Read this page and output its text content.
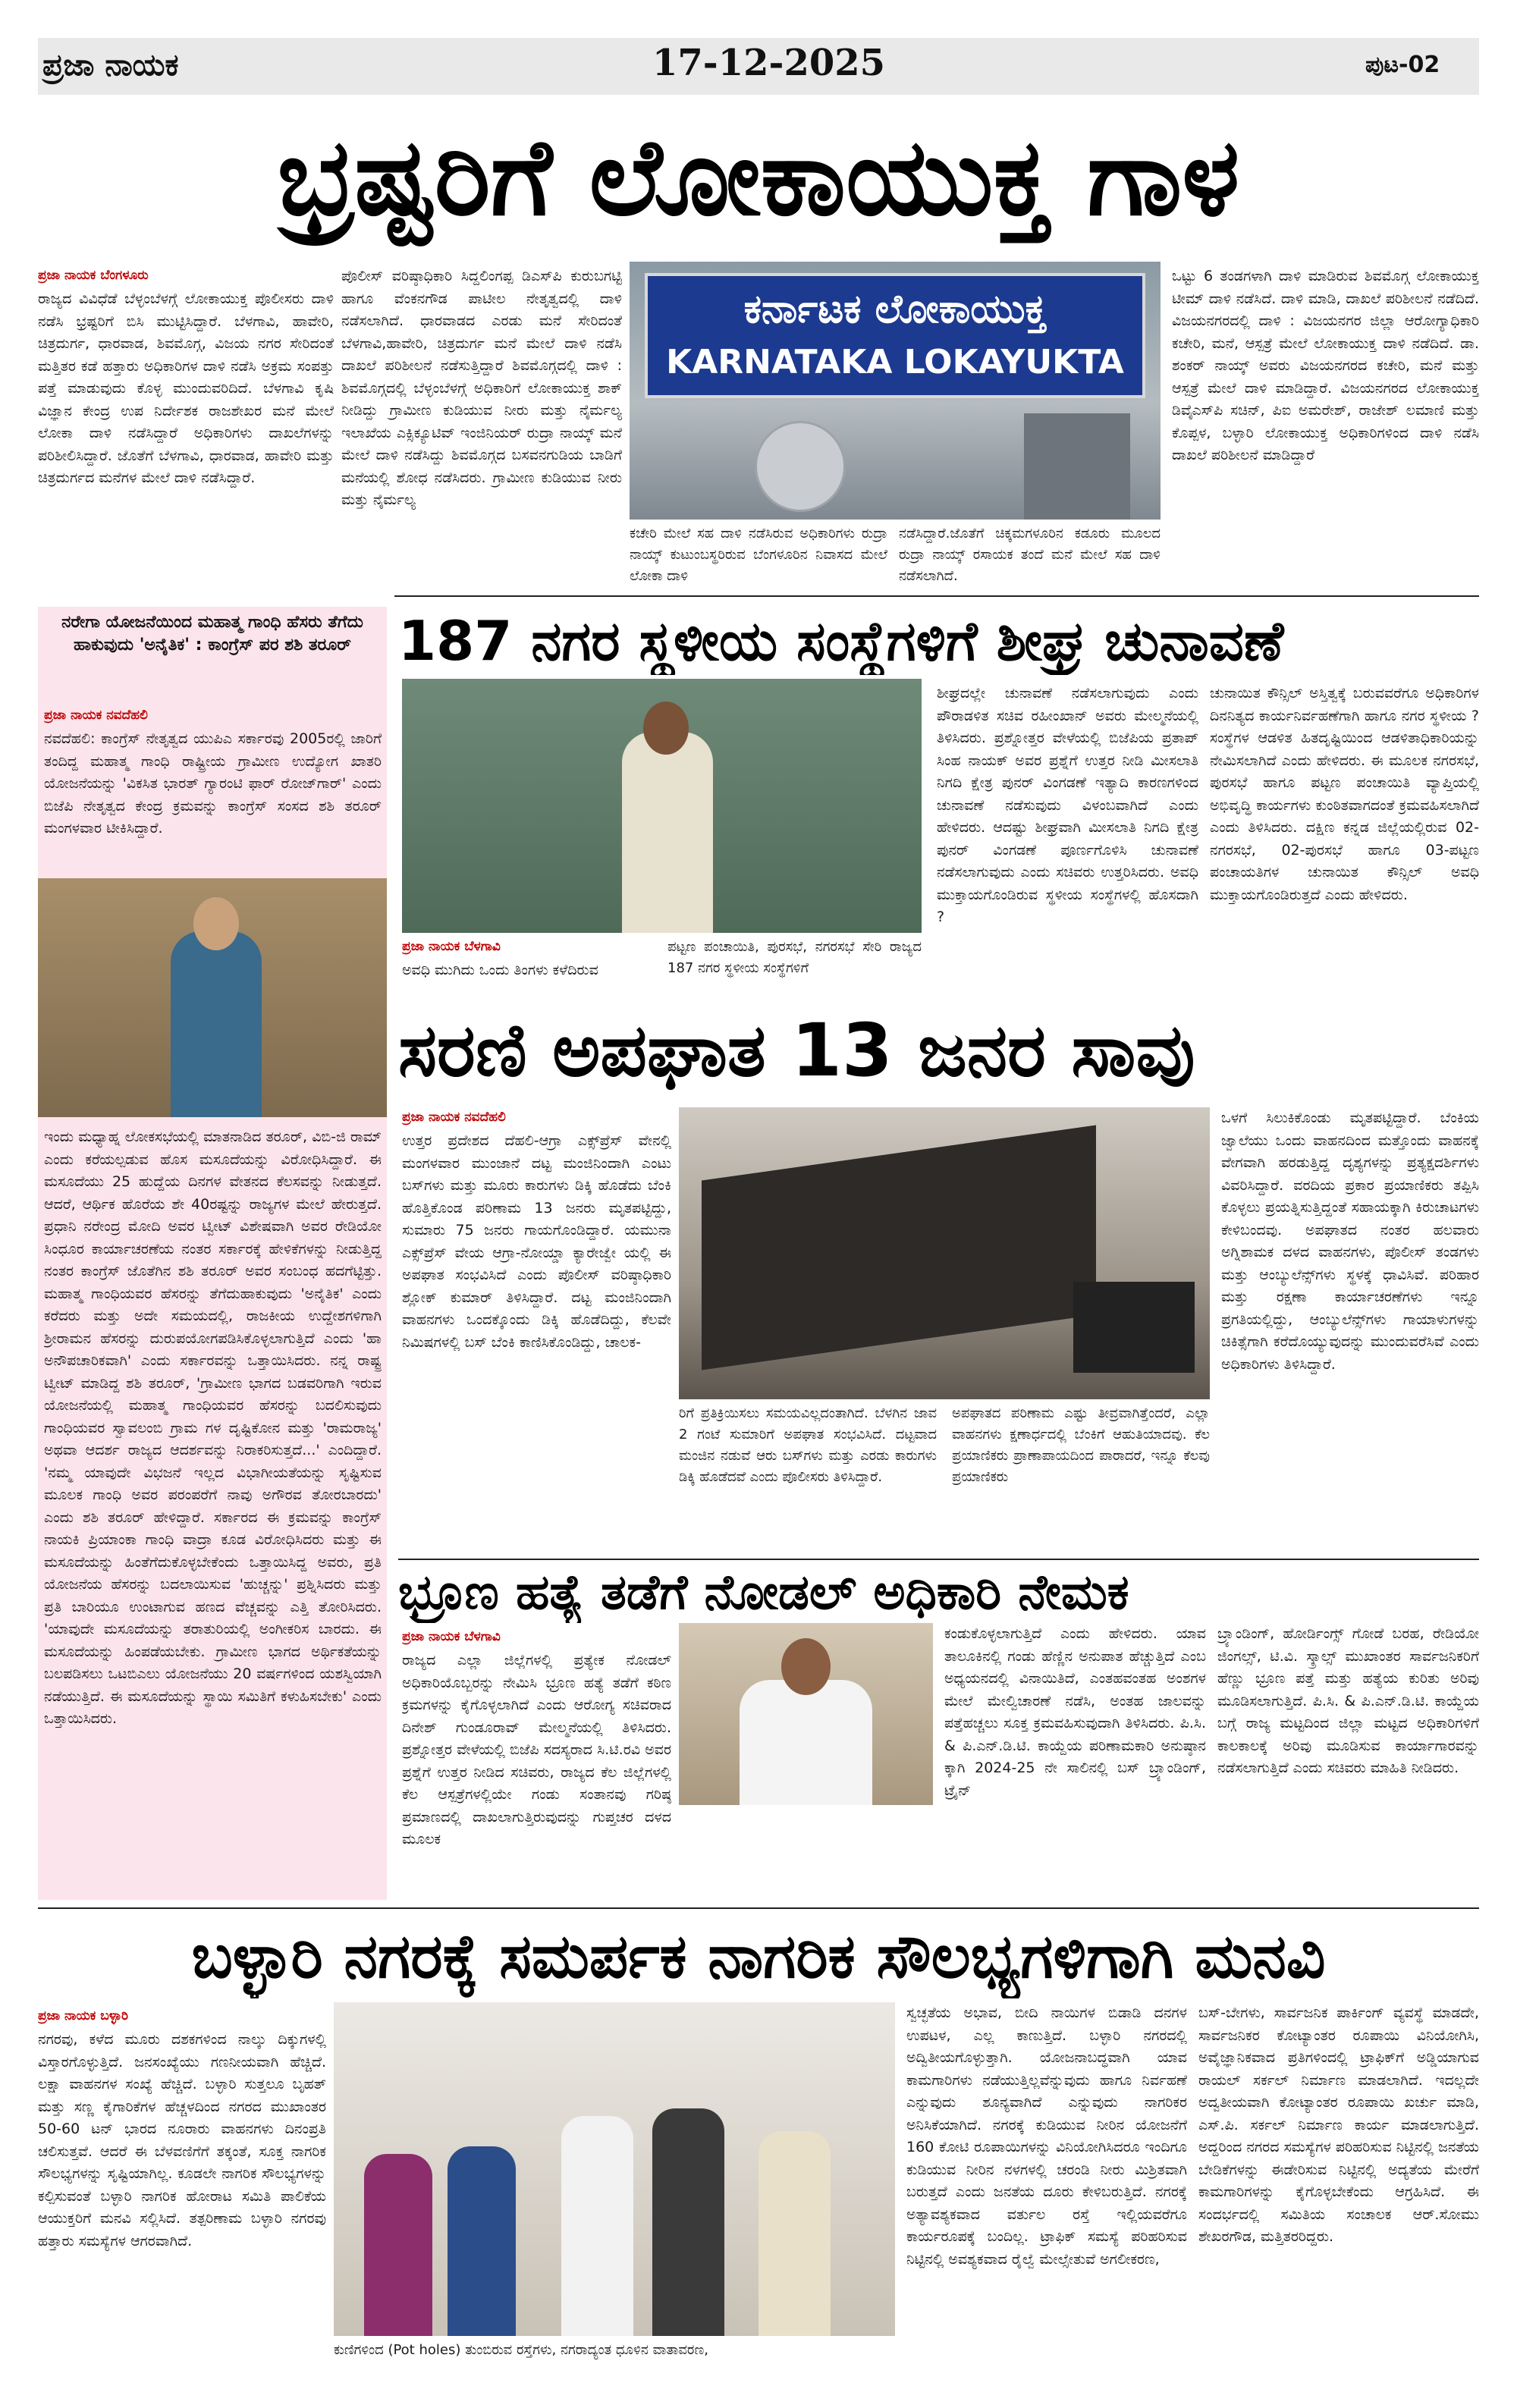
ಪ್ರಜಾ ನಾಯಕ	17-12-2025	ಪುಟ-02
ಭ್ರಷ್ಟರಿಗೆ ಲೋಕಾಯುಕ್ತ ಗಾಳ
ಪ್ರಜಾ ನಾಯಕ ಬೆಂಗಳೂರು
ರಾಜ್ಯದ ವಿವಿಧೆಡೆ ಬೆಳ್ಳಂಬೆಳಗ್ಗೆ ಲೋಕಾಯುಕ್ತ ಪೊಲೀಸರು ದಾಳಿ ನಡೆಸಿ ಭ್ರಷ್ಟರಿಗೆ ಬಿಸಿ ಮುಟ್ಟಿಸಿದ್ದಾರೆ. ಬೆಳಗಾವಿ, ಹಾವೇರಿ, ಚಿತ್ರದುರ್ಗ, ಧಾರವಾಡ, ಶಿವಮೊಗ್ಗ, ವಿಜಯ ನಗರ ಸೇರಿದಂತೆ ಮತ್ತಿತರ ಕಡೆ ಹತ್ತಾರು ಅಧಿಕಾರಿಗಳ ದಾಳಿ ನಡೆಸಿ ಅಕ್ರಮ ಸಂಪತ್ತು ಪತ್ತೆ ಮಾಡುವುದು ಕೊಳ್ಳ ಮುಂದುವರಿದಿದೆ. ಬೆಳಗಾವಿ ಕೃಷಿ ವಿಜ್ಞಾನ ಕೇಂದ್ರ ಉಪ ನಿರ್ದೇಶಕ ರಾಜಶೇಖರ ಮನೆ ಮೇಲೆ ಲೋಕಾ ದಾಳಿ ನಡೆಸಿದ್ದಾರೆ ಅಧಿಕಾರಿಗಳು ದಾಖಲೆಗಳನ್ನು ಪರಿಶೀಲಿಸಿದ್ದಾರೆ. ಜೊತೆಗೆ ಬೆಳಗಾವಿ, ಧಾರವಾಡ, ಹಾವೇರಿ ಮತ್ತು ಚಿತ್ರದುರ್ಗದ ಮನೆಗಳ ಮೇಲೆ ದಾಳಿ ನಡೆಸಿದ್ದಾರೆ.
ಪೊಲೀಸ್ ವರಿಷ್ಠಾಧಿಕಾರಿ ಸಿದ್ದಲಿಂಗಪ್ಪ ಡಿಎಸ್‌ಪಿ ಕುರುಬಗಟ್ಟಿ ಹಾಗೂ ವೆಂಕನಗೌಡ ಪಾಟೀಲ ನೇತೃತ್ವದಲ್ಲಿ ದಾಳಿ ನಡೆಸಲಾಗಿದೆ. ಧಾರವಾಡದ ಎರಡು ಮನೆ ಸೇರಿದಂತೆ ಬೆಳಗಾವಿ,ಹಾವೇರಿ, ಚಿತ್ರದುರ್ಗ ಮನೆ ಮೇಲೆ ದಾಳಿ ನಡೆಸಿ ದಾಖಲೆ ಪರಿಶೀಲನೆ ನಡೆಸುತ್ತಿದ್ದಾರೆ ಶಿವಮೊಗ್ಗದಲ್ಲಿ ದಾಳಿ : ಶಿವಮೊಗ್ಗದಲ್ಲಿ ಬೆಳ್ಳಂಬೆಳಗ್ಗೆ ಅಧಿಕಾರಿಗೆ ಲೋಕಾಯುಕ್ತ ಶಾಕ್ ನೀಡಿದ್ದು ಗ್ರಾಮೀಣ ಕುಡಿಯುವ ನೀರು ಮತ್ತು ನೈರ್ಮಲ್ಯ ಇಲಾಖೆಯ ಎಕ್ಸಿಕ್ಯೂಟಿವ್ ಇಂಜಿನಿಯರ್ ರುದ್ರಾ ನಾಯ್ಕ್ ಮನೆ ಮೇಲೆ ದಾಳಿ ನಡೆಸಿದ್ದು ಶಿವಮೊಗ್ಗದ ಬಸವನಗುಡಿಯ ಬಾಡಿಗೆ ಮನೆಯಲ್ಲಿ ಶೋಧ ನಡೆಸಿದರು. ಗ್ರಾಮೀಣ ಕುಡಿಯುವ ನೀರು ಮತ್ತು ನೈರ್ಮಲ್ಯ
ಕರ್ನಾಟಕ ಲೋಕಾಯುಕ್ತ
KARNATAKA LOKAYUKTA
ಕಚೇರಿ ಮೇಲೆ ಸಹ ದಾಳಿ ನಡೆಸಿರುವ ಅಧಿಕಾರಿಗಳು ರುದ್ರಾ ನಾಯ್ಕ್ ಕುಟುಂಬಸ್ಥರಿರುವ ಬೆಂಗಳೂರಿನ ನಿವಾಸದ ಮೇಲೆ ಲೋಕಾ ದಾಳಿ
ನಡೆಸಿದ್ದಾರೆ.ಜೊತೆಗೆ ಚಿಕ್ಕಮಗಳೂರಿನ ಕಡೂರು ಮೂಲದ ರುದ್ರಾ ನಾಯ್ಕ್ ರಸಾಯಕ ತಂದೆ ಮನೆ ಮೇಲೆ ಸಹ ದಾಳಿ ನಡೆಸಲಾಗಿದೆ.
ಒಟ್ಟು 6 ತಂಡಗಳಾಗಿ ದಾಳಿ ಮಾಡಿರುವ ಶಿವಮೊಗ್ಗ ಲೋಕಾಯುಕ್ತ ಟೀಮ್ ದಾಳಿ ನಡೆಸಿದೆ. ದಾಳಿ ಮಾಡಿ, ದಾಖಲೆ ಪರಿಶೀಲನೆ ನಡೆದಿದೆ. ವಿಜಯನಗರದಲ್ಲಿ ದಾಳಿ : ವಿಜಯನಗರ ಜಿಲ್ಲಾ ಆರೋಗ್ಯಾಧಿಕಾರಿ ಕಚೇರಿ, ಮನೆ, ಆಸ್ಪತ್ರೆ ಮೇಲೆ ಲೋಕಾಯುಕ್ತ ದಾಳಿ ನಡೆದಿದೆ. ಡಾ. ಶಂಕರ್ ನಾಯ್ಕ್ ಅವರು ವಿಜಯನಗರದ ಕಚೇರಿ, ಮನೆ ಮತ್ತು ಆಸ್ಪತ್ರೆ ಮೇಲೆ ದಾಳಿ ಮಾಡಿದ್ದಾರೆ. ವಿಜಯನಗರದ ಲೋಕಾಯುಕ್ತ ಡಿವೈಎಸ್‌ಪಿ ಸಚಿನ್, ಪಿಐ ಅಮರೇಶ್, ರಾಜೇಶ್ ಲಮಾಣಿ ಮತ್ತು ಕೊಪ್ಪಳ, ಬಳ್ಳಾರಿ ಲೋಕಾಯುಕ್ತ ಅಧಿಕಾರಿಗಳಿಂದ ದಾಳಿ ನಡೆಸಿ ದಾಖಲೆ ಪರಿಶೀಲನೆ ಮಾಡಿದ್ದಾರೆ
ನರೇಗಾ ಯೋಜನೆಯಿಂದ ಮಹಾತ್ಮ ಗಾಂಧಿ ಹೆಸರು ತೆಗೆದು ಹಾಕುವುದು 'ಅನೈತಿಕ' : ಕಾಂಗ್ರೆಸ್ ಪರ ಶಶಿ ತರೂರ್
ಪ್ರಜಾ ನಾಯಕ ನವದೆಹಲಿ
ನವದೆಹಲಿ: ಕಾಂಗ್ರೆಸ್ ನೇತೃತ್ವದ ಯುಪಿಎ ಸರ್ಕಾರವು 2005ರಲ್ಲಿ ಜಾರಿಗೆ ತಂದಿದ್ದ ಮಹಾತ್ಮ ಗಾಂಧಿ ರಾಷ್ಟ್ರೀಯ ಗ್ರಾಮೀಣ ಉದ್ಯೋಗ ಖಾತರಿ ಯೋಜನೆಯನ್ನು 'ವಿಕಸಿತ ಭಾರತ್ ಗ್ಯಾರಂಟಿ ಫಾರ್ ರೋಜ್‌ಗಾರ್' ಎಂದು ಬಿಜೆಪಿ ನೇತೃತ್ವದ ಕೇಂದ್ರ ಕ್ರಮವನ್ನು ಕಾಂಗ್ರೆಸ್ ಸಂಸದ ಶಶಿ ತರೂರ್ ಮಂಗಳವಾರ ಟೀಕಿಸಿದ್ದಾರೆ.
ಇಂದು ಮಧ್ಯಾಹ್ನ ಲೋಕಸಭೆಯಲ್ಲಿ ಮಾತನಾಡಿದ ತರೂರ್, ವಿಬಿ-ಜಿ ರಾಮ್ ಎಂದು ಕರೆಯಲ್ಪಡುವ ಹೊಸ ಮಸೂದೆಯನ್ನು ವಿರೋಧಿಸಿದ್ದಾರೆ. ಈ ಮಸೂದೆಯು 25 ಹುದ್ದೆಯ ದಿನಗಳ ವೇತನದ ಕೆಲಸವನ್ನು ನೀಡುತ್ತದೆ. ಆದರೆ, ಆರ್ಥಿಕ ಹೊರೆಯ ಶೇ 40ರಷ್ಟನ್ನು ರಾಜ್ಯಗಳ ಮೇಲೆ ಹೇರುತ್ತದೆ. ಪ್ರಧಾನಿ ನರೇಂದ್ರ ಮೋದಿ ಅವರ ಟ್ವೀಟ್ ವಿಶೇಷವಾಗಿ ಅವರ ರೇಡಿಯೋ ಸಿಂಧೂರ ಕಾರ್ಯಾಚರಣೆಯ ನಂತರ ಸರ್ಕಾರಕ್ಕೆ ಹೇಳಿಕೆಗಳನ್ನು ನೀಡುತ್ತಿದ್ದ ನಂತರ ಕಾಂಗ್ರೆಸ್ ಜೊತೆಗಿನ ಶಶಿ ತರೂರ್ ಅವರ ಸಂಬಂಧ ಹದಗೆಟ್ಟಿತ್ತು. ಮಹಾತ್ಮ ಗಾಂಧಿಯವರ ಹೆಸರನ್ನು ತೆಗೆದುಹಾಕುವುದು 'ಅನೈತಿಕ' ಎಂದು ಕರೆದರು ಮತ್ತು ಅದೇ ಸಮಯದಲ್ಲಿ, ರಾಜಕೀಯ ಉದ್ದೇಶಗಳಿಗಾಗಿ ಶ್ರೀರಾಮನ ಹೆಸರನ್ನು ದುರುಪಯೋಗಪಡಿಸಿಕೊಳ್ಳಲಾಗುತ್ತಿದೆ ಎಂದು 'ಹಾ ಅನೌಪಚಾರಿಕವಾಗಿ' ಎಂದು ಸರ್ಕಾರವನ್ನು ಒತ್ತಾಯಿಸಿದರು. ನನ್ನ ರಾಷ್ಟ್ರ ಟ್ವೀಟ್ ಮಾಡಿದ್ದ ಶಶಿ ತರೂರ್, 'ಗ್ರಾಮೀಣ ಭಾಗದ ಬಡವರಿಗಾಗಿ ಇರುವ ಯೋಜನೆಯಲ್ಲಿ ಮಹಾತ್ಮ ಗಾಂಧಿಯವರ ಹೆಸರನ್ನು ಬದಲಿಸುವುದು ಗಾಂಧಿಯವರ ಸ್ವಾವಲಂಬಿ ಗ್ರಾಮ ಗಳ ದೃಷ್ಟಿಕೋನ ಮತ್ತು 'ರಾಮರಾಜ್ಯ' ಅಥವಾ ಆದರ್ಶ ರಾಜ್ಯದ ಆದರ್ಶವನ್ನು ನಿರಾಕರಿಸುತ್ತದೆ...' ಎಂದಿದ್ದಾರೆ. 'ನಮ್ಮ ಯಾವುದೇ ವಿಭಜನೆ ಇಲ್ಲದ ವಿಭಾಗೀಯತೆಯನ್ನು ಸೃಷ್ಟಿಸುವ ಮೂಲಕ ಗಾಂಧಿ ಅವರ ಪರಂಪರೆಗೆ ನಾವು ಅಗೌರವ ತೋರಬಾರದು' ಎಂದು ಶಶಿ ತರೂರ್ ಹೇಳಿದ್ದಾರೆ. ಸರ್ಕಾರದ ಈ ಕ್ರಮವನ್ನು ಕಾಂಗ್ರೆಸ್ ನಾಯಕಿ ಪ್ರಿಯಾಂಕಾ ಗಾಂಧಿ ವಾದ್ರಾ ಕೂಡ ವಿರೋಧಿಸಿದರು ಮತ್ತು ಈ ಮಸೂದೆಯನ್ನು ಹಿಂತೆಗೆದುಕೊಳ್ಳಬೇಕೆಂದು ಒತ್ತಾಯಿಸಿದ್ದ ಅವರು, ಪ್ರತಿ ಯೋಜನೆಯ ಹೆಸರನ್ನು ಬದಲಾಯಿಸುವ 'ಹುಚ್ಚನ್ನು' ಪ್ರಶ್ನಿಸಿದರು ಮತ್ತು ಪ್ರತಿ ಬಾರಿಯೂ ಉಂಟಾಗುವ ಹಣದ ವೆಚ್ಚವನ್ನು ಎತ್ತಿ ತೋರಿಸಿದರು. 'ಯಾವುದೇ ಮಸೂದೆಯನ್ನು ತರಾತುರಿಯಲ್ಲಿ ಅಂಗೀಕರಿಸ ಬಾರದು. ಈ ಮಸೂದೆಯನ್ನು ಹಿಂಪಡೆಯಬೇಕು. ಗ್ರಾಮೀಣ ಭಾಗದ ಅರ್ಥಿಕತೆಯನ್ನು ಬಲಪಡಿಸಲು ಒಟಬಿಎಲು ಯೋಜನೆಯು 20 ವರ್ಷಗಳಿಂದ ಯಶಸ್ವಿಯಾಗಿ ನಡೆಯುತ್ತಿದೆ. ಈ ಮಸೂದೆಯನ್ನು ಸ್ಥಾಯಿ ಸಮಿತಿಗೆ ಕಳುಹಿಸಬೇಕು' ಎಂದು ಒತ್ತಾಯಿಸಿದರು.
187 ನಗರ ಸ್ಥಳೀಯ ಸಂಸ್ಥೆಗಳಿಗೆ ಶೀಘ್ರ ಚುನಾವಣೆ
ಪ್ರಜಾ ನಾಯಕ ಬೆಳಗಾವಿ
ಅವಧಿ ಮುಗಿದು ಒಂದು ತಿಂಗಳು ಕಳೆದಿರುವ
ಪಟ್ಟಣ ಪಂಚಾಯಿತಿ, ಪುರಸಭೆ, ನಗರಸಭೆ ಸೇರಿ ರಾಜ್ಯದ 187 ನಗರ ಸ್ಥಳೀಯ ಸಂಸ್ಥೆಗಳಿಗೆ
ಶೀಘ್ರದಲ್ಲೇ ಚುನಾವಣೆ ನಡೆಸಲಾಗುವುದು ಎಂದು ಪೌರಾಡಳಿತ ಸಚಿವ ರಹೀಂಖಾನ್ ಅವರು ಮೇಲ್ಮನೆಯಲ್ಲಿ ತಿಳಿಸಿದರು. ಪ್ರಶ್ನೋತ್ತರ ವೇಳೆಯಲ್ಲಿ ಬಿಜೆಪಿಯ ಪ್ರತಾಪ್ ಸಿಂಹ ನಾಯಕ್ ಅವರ ಪ್ರಶ್ನೆಗೆ ಉತ್ತರ ನೀಡಿ ಮೀಸಲಾತಿ ನಿಗದಿ ಕ್ಷೇತ್ರ ಪುನರ್ ವಿಂಗಡಣೆ ಇತ್ಯಾದಿ ಕಾರಣಗಳಿಂದ ಚುನಾವಣೆ ನಡೆಸುವುದು ವಿಳಂಬವಾಗಿದೆ ಎಂದು ಹೇಳಿದರು. ಆದಷ್ಟು ಶೀಘ್ರವಾಗಿ ಮೀಸಲಾತಿ ನಿಗದಿ ಕ್ಷೇತ್ರ ಪುನರ್ ವಿಂಗಡಣೆ ಪೂರ್ಣಗೊಳಿಸಿ ಚುನಾವಣೆ ನಡೆಸಲಾಗುವುದು ಎಂದು ಸಚಿವರು ಉತ್ತರಿಸಿದರು. ಅವಧಿ ಮುಕ್ತಾಯಗೊಂಡಿರುವ ಸ್ಥಳೀಯ ಸಂಸ್ಥೆಗಳಲ್ಲಿ ಹೊಸದಾಗಿ ?
ಚುನಾಯಿತ ಕೌನ್ಸಿಲ್ ಅಸ್ತಿತ್ವಕ್ಕೆ ಬರುವವರೆಗೂ ಅಧಿಕಾರಿಗಳ ದಿನನಿತ್ಯದ ಕಾರ್ಯನಿರ್ವಹಣೆಗಾಗಿ ಹಾಗೂ ನಗರ ಸ್ಥಳೀಯ ? ಸಂಸ್ಥೆಗಳ ಆಡಳಿತ ಹಿತದೃಷ್ಟಿಯಿಂದ ಆಡಳಿತಾಧಿಕಾರಿಯನ್ನು ನೇಮಿಸಲಾಗಿದೆ ಎಂದು ಹೇಳಿದರು. ಈ ಮೂಲಕ ನಗರಸಭೆ, ಪುರಸಭೆ ಹಾಗೂ ಪಟ್ಟಣ ಪಂಚಾಯಿತಿ ವ್ಯಾಪ್ತಿಯಲ್ಲಿ ಅಭಿವೃದ್ಧಿ ಕಾರ್ಯಗಳು ಕುಂಠಿತವಾಗದಂತೆ ಕ್ರಮವಹಿಸಲಾಗಿದೆ ಎಂದು ತಿಳಿಸಿದರು. ದಕ್ಷಿಣ ಕನ್ನಡ ಜಿಲ್ಲೆಯಲ್ಲಿರುವ 02-ನಗರಸಭೆ, 02-ಪುರಸಭೆ ಹಾಗೂ 03-ಪಟ್ಟಣ ಪಂಚಾಯತಿಗಳ ಚುನಾಯಿತ ಕೌನ್ಸಿಲ್ ಅವಧಿ ಮುಕ್ತಾಯಗೊಂಡಿರುತ್ತದೆ ಎಂದು ಹೇಳಿದರು.
ಸರಣಿ ಅಪಘಾತ 13 ಜನರ ಸಾವು
ಪ್ರಜಾ ನಾಯಕ ನವದೆಹಲಿ
ಉತ್ತರ ಪ್ರದೇಶದ ದೆಹಲಿ-ಆಗ್ರಾ ಎಕ್ಸ್‌ಪ್ರೆಸ್ ವೇನಲ್ಲಿ ಮಂಗಳವಾರ ಮುಂಜಾನೆ ದಟ್ಟ ಮಂಜಿನಿಂದಾಗಿ ಎಂಟು ಬಸ್‌ಗಳು ಮತ್ತು ಮೂರು ಕಾರುಗಳು ಡಿಕ್ಕಿ ಹೊಡೆದು ಬೆಂಕಿ ಹೊತ್ತಿಕೊಂಡ ಪರಿಣಾಮ 13 ಜನರು ಮೃತಪಟ್ಟಿದ್ದು, ಸುಮಾರು 75 ಜನರು ಗಾಯಗೊಂಡಿದ್ದಾರೆ. ಯಮುನಾ ಎಕ್ಸ್‌ಪ್ರೆಸ್ ವೇಯ ಆಗ್ರಾ-ನೋಯ್ಡಾ ಕ್ಯಾರೇಜ್ವೇ ಯಲ್ಲಿ ಈ ಅಪಘಾತ ಸಂಭವಿಸಿದೆ ಎಂದು ಪೊಲೀಸ್ ವರಿಷ್ಠಾಧಿಕಾರಿ ಶ್ಲೋಕ್ ಕುಮಾರ್ ತಿಳಿಸಿದ್ದಾರೆ. ದಟ್ಟ ಮಂಜಿನಿಂದಾಗಿ ವಾಹನಗಳು ಒಂದಕ್ಕೊಂದು ಡಿಕ್ಕಿ ಹೊಡೆದಿದ್ದು, ಕೆಲವೇ ನಿಮಿಷಗಳಲ್ಲಿ ಬಸ್ ಬೆಂಕಿ ಕಾಣಿಸಿಕೊಂಡಿದ್ದು, ಚಾಲಕ-
ರಿಗೆ ಪ್ರತಿಕ್ರಿಯಿಸಲು ಸಮಯವಿಲ್ಲದಂತಾಗಿದೆ. ಬೆಳಗಿನ ಜಾವ 2 ಗಂಟೆ ಸುಮಾರಿಗೆ ಅಪಘಾತ ಸಂಭವಿಸಿದೆ. ದಟ್ಟವಾದ ಮಂಜಿನ ನಡುವೆ ಆರು ಬಸ್‌ಗಳು ಮತ್ತು ಎರಡು ಕಾರುಗಳು ಡಿಕ್ಕಿ ಹೊಡೆದವೆ ಎಂದು ಪೊಲೀಸರು ತಿಳಿಸಿದ್ದಾರೆ.
ಅಪಘಾತದ ಪರಿಣಾಮ ಎಷ್ಟು ತೀವ್ರವಾಗಿತ್ತೆಂದರೆ, ಎಲ್ಲಾ ವಾಹನಗಳು ಕ್ಷಣಾರ್ಧದಲ್ಲಿ ಬೆಂಕಿಗೆ ಆಹುತಿಯಾದವು. ಕೆಲ ಪ್ರಯಾಣಿಕರು ಪ್ರಾಣಾಪಾಯದಿಂದ ಪಾರಾದರೆ, ಇನ್ನೂ ಕೆಲವು ಪ್ರಯಾಣಿಕರು
ಒಳಗೆ ಸಿಲುಕಿಕೊಂಡು ಮೃತಪಟ್ಟಿದ್ದಾರೆ. ಬೆಂಕಿಯ ಜ್ವಾಲೆಯು ಒಂದು ವಾಹನದಿಂದ ಮತ್ತೊಂದು ವಾಹನಕ್ಕೆ ವೇಗವಾಗಿ ಹರಡುತ್ತಿದ್ದ ದೃಶ್ಯಗಳನ್ನು ಪ್ರತ್ಯಕ್ಷದರ್ಶಿಗಳು ವಿವರಿಸಿದ್ದಾರೆ. ವರದಿಯ ಪ್ರಕಾರ ಪ್ರಯಾಣಿಕರು ತಪ್ಪಿಸಿ ಕೊಳ್ಳಲು ಪ್ರಯತ್ನಿಸುತ್ತಿದ್ದಂತೆ ಸಹಾಯಕ್ಕಾಗಿ ಕಿರುಚಾಟಗಳು ಕೇಳಿಬಂದವು. ಅಪಘಾತದ ನಂತರ ಹಲವಾರು ಅಗ್ನಿಶಾಮಕ ದಳದ ವಾಹನಗಳು, ಪೊಲೀಸ್ ತಂಡಗಳು ಮತ್ತು ಆಂಬ್ಯುಲೆನ್ಸ್‌ಗಳು ಸ್ಥಳಕ್ಕೆ ಧಾವಿಸಿವೆ. ಪರಿಹಾರ ಮತ್ತು ರಕ್ಷಣಾ ಕಾರ್ಯಾಚರಣೆಗಳು ಇನ್ನೂ ಪ್ರಗತಿಯಲ್ಲಿದ್ದು, ಆಂಬ್ಯುಲೆನ್ಸ್‌ಗಳು ಗಾಯಾಳುಗಳನ್ನು ಚಿಕಿತ್ಸೆಗಾಗಿ ಕರೆದೊಯ್ಯುವುದನ್ನು ಮುಂದುವರೆಸಿವೆ ಎಂದು ಅಧಿಕಾರಿಗಳು ತಿಳಿಸಿದ್ದಾರೆ.
ಭ್ರೂಣ ಹತ್ಯೆ ತಡೆಗೆ ನೋಡಲ್ ಅಧಿಕಾರಿ ನೇಮಕ
ಪ್ರಜಾ ನಾಯಕ ಬೆಳಗಾವಿ
ರಾಜ್ಯದ ಎಲ್ಲಾ ಜಿಲ್ಲೆಗಳಲ್ಲಿ ಪ್ರತ್ಯೇಕ ನೋಡಲ್ ಅಧಿಕಾರಿಯೊಬ್ಬರನ್ನು ನೇಮಿಸಿ ಭ್ರೂಣ ಹತ್ಯೆ ತಡೆಗೆ ಕಠಿಣ ಕ್ರಮಗಳನ್ನು ಕೈಗೊಳ್ಳಲಾಗಿದೆ ಎಂದು ಆರೋಗ್ಯ ಸಚಿವರಾದ ದಿನೇಶ್ ಗುಂಡೂರಾವ್ ಮೇಲ್ಮನೆಯಲ್ಲಿ ತಿಳಿಸಿದರು. ಪ್ರಶ್ನೋತ್ತರ ವೇಳೆಯಲ್ಲಿ ಬಿಜೆಪಿ ಸದಸ್ಯರಾದ ಸಿ.ಟಿ.ರವಿ ಅವರ ಪ್ರಶ್ನೆಗೆ ಉತ್ತರ ನೀಡಿದ ಸಚಿವರು, ರಾಜ್ಯದ ಕೆಲ ಜಿಲ್ಲೆಗಳಲ್ಲಿ ಕೆಲ ಆಸ್ಪತ್ರೆಗಳಲ್ಲಿಯೇ ಗಂಡು ಸಂತಾನವು ಗರಿಷ್ಠ ಪ್ರಮಾಣದಲ್ಲಿ ದಾಖಲಾಗುತ್ತಿರುವುದನ್ನು ಗುಪ್ತಚರ ದಳದ ಮೂಲಕ
ಕಂಡುಕೊಳ್ಳಲಾಗುತ್ತಿದೆ ಎಂದು ಹೇಳಿದರು. ಯಾವ ತಾಲೂಕಿನಲ್ಲಿ ಗಂಡು ಹೆಣ್ಣಿನ ಅನುಪಾತ ಹೆಚ್ಚುತ್ತಿದೆ ಎಂಬ ಅಧ್ಯಯನದಲ್ಲಿ ವಿನಾಯಿತಿದೆ, ಎಂತಹವಂತಹ ಅಂಶಗಳ ಮೇಲೆ ಮೇಲ್ವಿಚಾರಣೆ ನಡೆಸಿ, ಅಂತಹ ಜಾಲವನ್ನು ಪತ್ತೆಹಚ್ಚಲು ಸೂಕ್ತ ಕ್ರಮವಹಿಸುವುದಾಗಿ ತಿಳಿಸಿದರು. ಪಿ.ಸಿ. & ಪಿ.ಎನ್.ಡಿ.ಟಿ. ಕಾಯ್ದೆಯ ಪರಿಣಾಮಕಾರಿ ಅನುಷ್ಠಾನ ಕ್ಕಾಗಿ 2024-25 ನೇ ಸಾಲಿನಲ್ಲಿ ಬಸ್ ಬ್ರ್ಯಾಂಡಿಂಗ್, ಟ್ರೈನ್
ಬ್ರ್ಯಾಂಡಿಂಗ್, ಹೋರ್ಡಿಂಗ್ಸ್ ಗೋಡೆ ಬರಹ, ರೇಡಿಯೋ ಜಿಂಗಲ್ಸ್, ಟಿ.ವಿ. ಸ್ಕ್ರಾಲ್ಸ್ ಮುಖಾಂತರ ಸಾರ್ವಜನಿಕರಿಗೆ ಹೆಣ್ಣು ಭ್ರೂಣ ಪತ್ತೆ ಮತ್ತು ಹತ್ಯೆಯ ಕುರಿತು ಅರಿವು ಮೂಡಿಸಲಾಗುತ್ತಿದೆ. ಪಿ.ಸಿ. & ಪಿ.ಎನ್.ಡಿ.ಟಿ. ಕಾಯ್ದೆಯ ಬಗ್ಗೆ ರಾಜ್ಯ ಮಟ್ಟದಿಂದ ಜಿಲ್ಲಾ ಮಟ್ಟದ ಅಧಿಕಾರಿಗಳಿಗೆ ಕಾಲಕಾಲಕ್ಕೆ ಅರಿವು ಮೂಡಿಸುವ ಕಾರ್ಯಾಗಾರವನ್ನು ನಡೆಸಲಾಗುತ್ತಿದೆ ಎಂದು ಸಚಿವರು ಮಾಹಿತಿ ನೀಡಿದರು.
ಬಳ್ಳಾರಿ ನಗರಕ್ಕೆ ಸಮರ್ಪಕ ನಾಗರಿಕ ಸೌಲಭ್ಯಗಳಿಗಾಗಿ ಮನವಿ
ಪ್ರಜಾ ನಾಯಕ ಬಳ್ಳಾರಿ
ನಗರವು, ಕಳೆದ ಮೂರು ದಶಕಗಳಿಂದ ನಾಲ್ಕು ದಿಕ್ಕುಗಳಲ್ಲಿ ವಿಸ್ತಾರಗೊಳ್ಳುತ್ತಿದೆ. ಜನಸಂಖ್ಯೆಯು ಗಣನೀಯವಾಗಿ ಹೆಚ್ಚಿದೆ. ಲಕ್ಷಾ ವಾಹನಗಳ ಸಂಖ್ಯೆ ಹೆಚ್ಚಿದೆ. ಬಳ್ಳಾರಿ ಸುತ್ತಲೂ ಬೃಹತ್ ಮತ್ತು ಸಣ್ಣ ಕೈಗಾರಿಕೆಗಳ ಹೆಚ್ಚಳದಿಂದ ನಗರದ ಮುಖಾಂತರ 50-60 ಟನ್ ಭಾರದ ನೂರಾರು ವಾಹನಗಳು ದಿನಂಪ್ರತಿ ಚಲಿಸುತ್ತವೆ. ಆದರೆ ಈ ಬೆಳವಣಿಗೆಗೆ ತಕ್ಕಂತೆ, ಸೂಕ್ತ ನಾಗರಿಕ ಸೌಲಭ್ಯಗಳನ್ನು ಸೃಷ್ಟಿಯಾಗಿಲ್ಲ. ಕೂಡಲೇ ನಾಗರಿಕ ಸೌಲಭ್ಯಗಳನ್ನು ಕಲ್ಪಿಸುವಂತೆ ಬಳ್ಳಾರಿ ನಾಗರಿಕ ಹೋರಾಟ ಸಮಿತಿ ಪಾಲಿಕೆಯ ಆಯುಕ್ತರಿಗೆ ಮನವಿ ಸಲ್ಲಿಸಿದೆ. ತತ್ಪರಿಣಾಮ ಬಳ್ಳಾರಿ ನಗರವು ಹತ್ತಾರು ಸಮಸ್ಯೆಗಳ ಆಗರವಾಗಿದೆ.
ಕುಣಿಗಳಿಂದ (Pot holes) ತುಂಬಿರುವ ರಸ್ತೆಗಳು, ನಗರಾದ್ಯಂತ ಧೂಳಿನ ವಾತಾವರಣ,
ಸ್ವಚ್ಛತೆಯ ಅಭಾವ, ಬೀದಿ ನಾಯಿಗಳ ಬಿಡಾಡಿ ದನಗಳ ಉಪಟಳ, ಎಲ್ಲ ಕಾಣುತ್ತಿದೆ. ಬಳ್ಳಾರಿ ನಗರದಲ್ಲಿ ಅದ್ವಿತೀಯಗೊಳ್ಳುತ್ತಾಗಿ. ಯೋಜನಾಬದ್ಧವಾಗಿ ಯಾವ ಕಾಮಗಾರಿಗಳು ನಡೆಯುತ್ತಿಲ್ಲವೆನ್ನುವುದು ಹಾಗೂ ನಿರ್ವಹಣೆ ಎನ್ನುವುದು ಶೂನ್ಯವಾಗಿದೆ ಎನ್ನುವುದು ನಾಗರಿಕರ ಅನಿಸಿಕೆಯಾಗಿದೆ. ನಗರಕ್ಕೆ ಕುಡಿಯುವ ನೀರಿನ ಯೋಜನೆಗೆ 160 ಕೋಟಿ ರೂಪಾಯಿಗಳನ್ನು ವಿನಿಯೋಗಿಸಿದರೂ ಇಂದಿಗೂ ಕುಡಿಯುವ ನೀರಿನ ನಳಗಳಲ್ಲಿ ಚರಂಡಿ ನೀರು ಮಿಶ್ರಿತವಾಗಿ ಬರುತ್ತದೆ ಎಂದು ಜನತೆಯ ದೂರು ಕೇಳಿಬರುತ್ತಿದೆ. ನಗರಕ್ಕೆ ಅತ್ಯಾವಶ್ಯಕವಾದ ವರ್ತುಲ ರಸ್ತೆ ಇಲ್ಲಿಯವರೆಗೂ ಕಾರ್ಯರೂಪಕ್ಕೆ ಬಂದಿಲ್ಲ. ಟ್ರಾಫಿಕ್ ಸಮಸ್ಯೆ ಪರಿಹರಿಸುವ ನಿಟ್ಟಿನಲ್ಲಿ ಅವಶ್ಯಕವಾದ ರೈಲ್ವೆ ಮೇಲ್ಸೇತುವೆ ಅಗಲೀಕರಣ,
ಬಸ್-ಬೇಗಳು, ಸಾರ್ವಜನಿಕ ಪಾರ್ಕಿಂಗ್ ವ್ಯವಸ್ಥೆ ಮಾಡದೇ, ಸಾರ್ವಜನಿಕರ ಕೋಟ್ಯಾಂತರ ರೂಪಾಯಿ ವಿನಿಯೋಗಿಸಿ, ಅವೈಜ್ಞಾನಿಕವಾದ ಪ್ರತಿಗಳಿಂದಲ್ಲಿ ಟ್ರಾಫಿಕ್‌ಗೆ ಅಡ್ಡಿಯಾಗುವ ರಾಯಲ್ ಸರ್ಕಲ್ ನಿರ್ಮಾಣ ಮಾಡಲಾಗಿದೆ. ಇದಲ್ಲದೇ ಅದ್ವತೀಯವಾಗಿ ಕೋಟ್ಯಾಂತರ ರೂಪಾಯಿ ಖರ್ಚು ಮಾಡಿ, ಎಸ್.ಪಿ. ಸರ್ಕಲ್ ನಿರ್ಮಾಣ ಕಾರ್ಯ ಮಾಡಲಾಗುತ್ತಿದೆ. ಅದ್ದರಿಂದ ನಗರದ ಸಮಸ್ಯೆಗಳ ಪರಿಹರಿಸುವ ನಿಟ್ಟಿನಲ್ಲಿ ಜನತೆಯ ಬೇಡಿಕೆಗಳನ್ನು ಈಡೇರಿಸುವ ನಿಟ್ಟಿನಲ್ಲಿ ಅದ್ಯತೆಯ ಮೇರೆಗೆ ಕಾಮಗಾರಿಗಳನ್ನು ಕೈಗೊಳ್ಳಬೇಕೆಂದು ಆಗ್ರಹಿಸಿದೆ. ಈ ಸಂದರ್ಭದಲ್ಲಿ ಸಮಿತಿಯ ಸಂಚಾಲಕ ಆರ್.ಸೋಮು ಶೇಖರಗೌಡ, ಮತ್ತಿತರರಿದ್ದರು.
